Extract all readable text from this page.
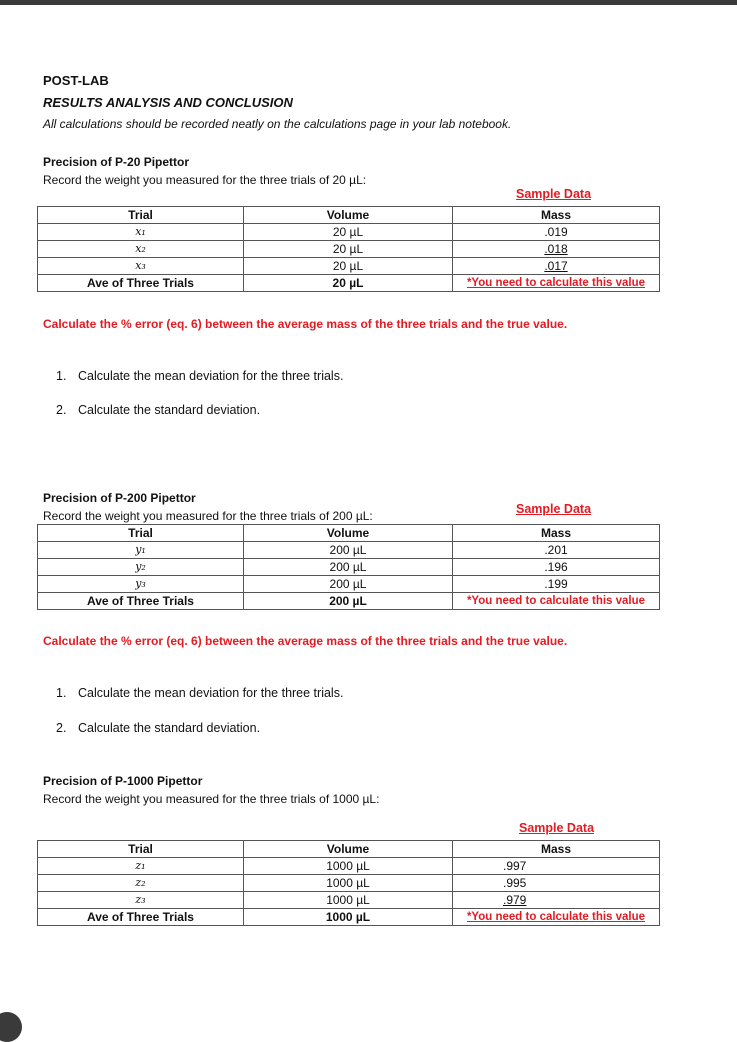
POST-LAB
RESULTS ANALYSIS AND CONCLUSION
All calculations should be recorded neatly on the calculations page in your lab notebook.
Precision of P-20 Pipettor
Record the weight you measured for the three trials of 20 µL:
Sample Data
Trial	Volume	Mass
x₁	20 µL	.019
x₂	20 µL	.018
x₃	20 µL	.017
Ave of Three Trials	20 µL	*You need to calculate this value
Calculate the % error (eq. 6) between the average mass of the three trials and the true value.
1. Calculate the mean deviation for the three trials.
2. Calculate the standard deviation.
Precision of P-200 Pipettor
Record the weight you measured for the three trials of 200 µL:	Sample Data
Trial	Volume	Mass
y₁	200 µL	.201
y₂	200 µL	.196
y₃	200 µL	.199
Ave of Three Trials	200 µL	*You need to calculate this value
Calculate the % error (eq. 6) between the average mass of the three trials and the true value.
1. Calculate the mean deviation for the three trials.
2. Calculate the standard deviation.
Precision of P-1000 Pipettor
Record the weight you measured for the three trials of 1000 µL:
Sample Data
Trial	Volume	Mass
z₁	1000 µL	.997
z₂	1000 µL	.995
z₃	1000 µL	.979
Ave of Three Trials	1000 µL	*You need to calculate this value
